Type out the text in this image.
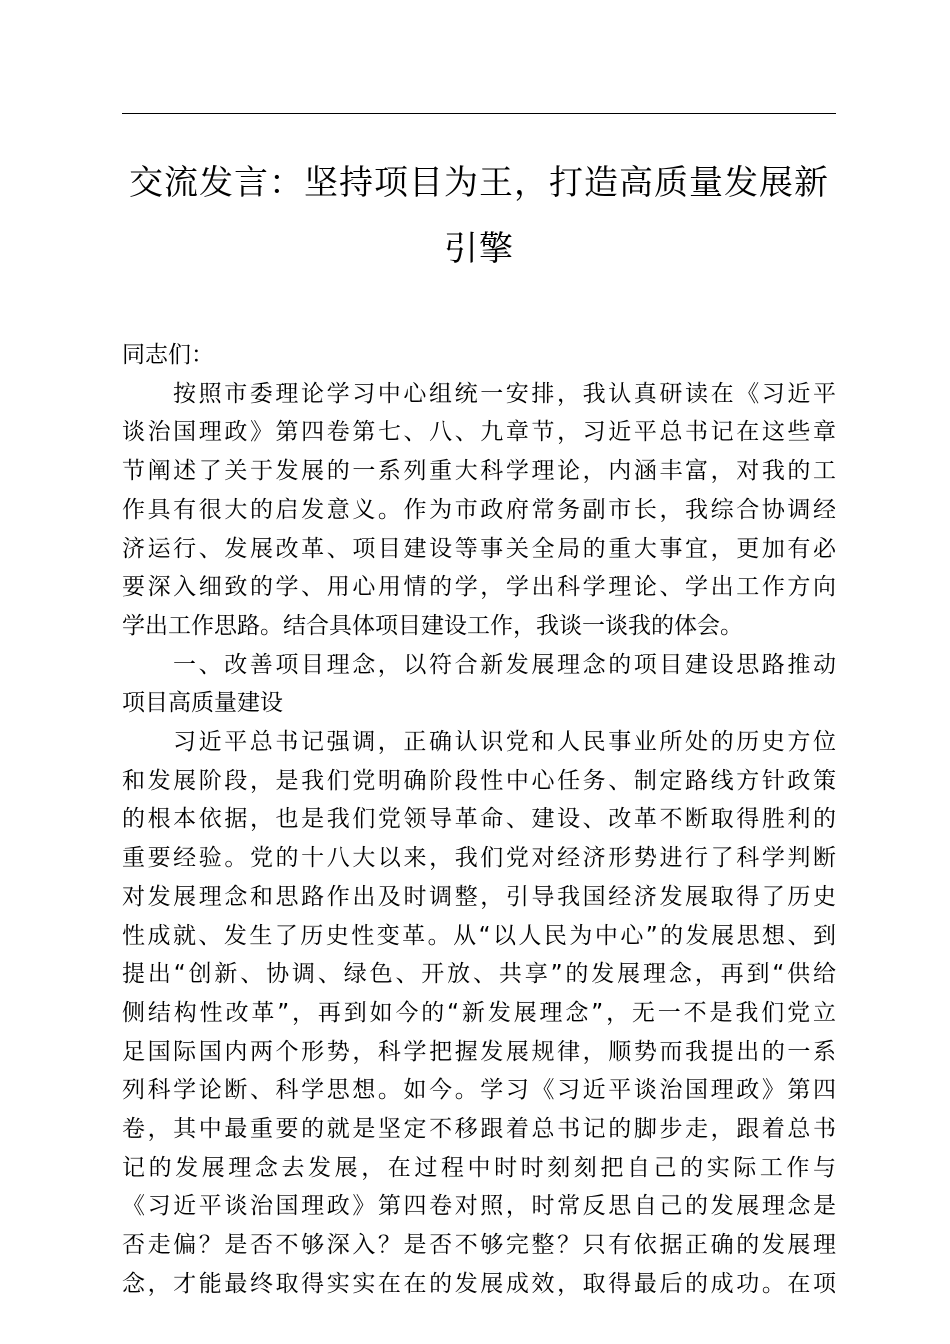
交流发言：坚持项目为王，打造高质量发展新
引擎
同志们：
按照市委理论学习中心组统一安排，我认真研读在《习近平
谈治国理政》第四卷第七、八、九章节，习近平总书记在这些章
节阐述了关于发展的一系列重大科学理论，内涵丰富，对我的工
作具有很大的启发意义。作为市政府常务副市长，我综合协调经
济运行、发展改革、项目建设等事关全局的重大事宜，更加有必
要深入细致的学、用心用情的学，学出科学理论、学出工作方向
学出工作思路。结合具体项目建设工作，我谈一谈我的体会。
一、改善项目理念，以符合新发展理念的项目建设思路推动
项目高质量建设
习近平总书记强调，正确认识党和人民事业所处的历史方位
和发展阶段，是我们党明确阶段性中心任务、制定路线方针政策
的根本依据，也是我们党领导革命、建设、改革不断取得胜利的
重要经验。党的十八大以来，我们党对经济形势进行了科学判断
对发展理念和思路作出及时调整，引导我国经济发展取得了历史
性成就、发生了历史性变革。从“以人民为中心”的发展思想、到
提出“创新、协调、绿色、开放、共享”的发展理念，再到“供给
侧结构性改革”，再到如今的“新发展理念”，无一不是我们党立
足国际国内两个形势，科学把握发展规律，顺势而我提出的一系
列科学论断、科学思想。如今。学习《习近平谈治国理政》第四
卷，其中最重要的就是坚定不移跟着总书记的脚步走，跟着总书
记的发展理念去发展，在过程中时时刻刻把自己的实际工作与
《习近平谈治国理政》第四卷对照，时常反思自己的发展理念是
否走偏？是否不够深入？是否不够完整？只有依据正确的发展理
念，才能最终取得实实在在的发展成效，取得最后的成功。在项
